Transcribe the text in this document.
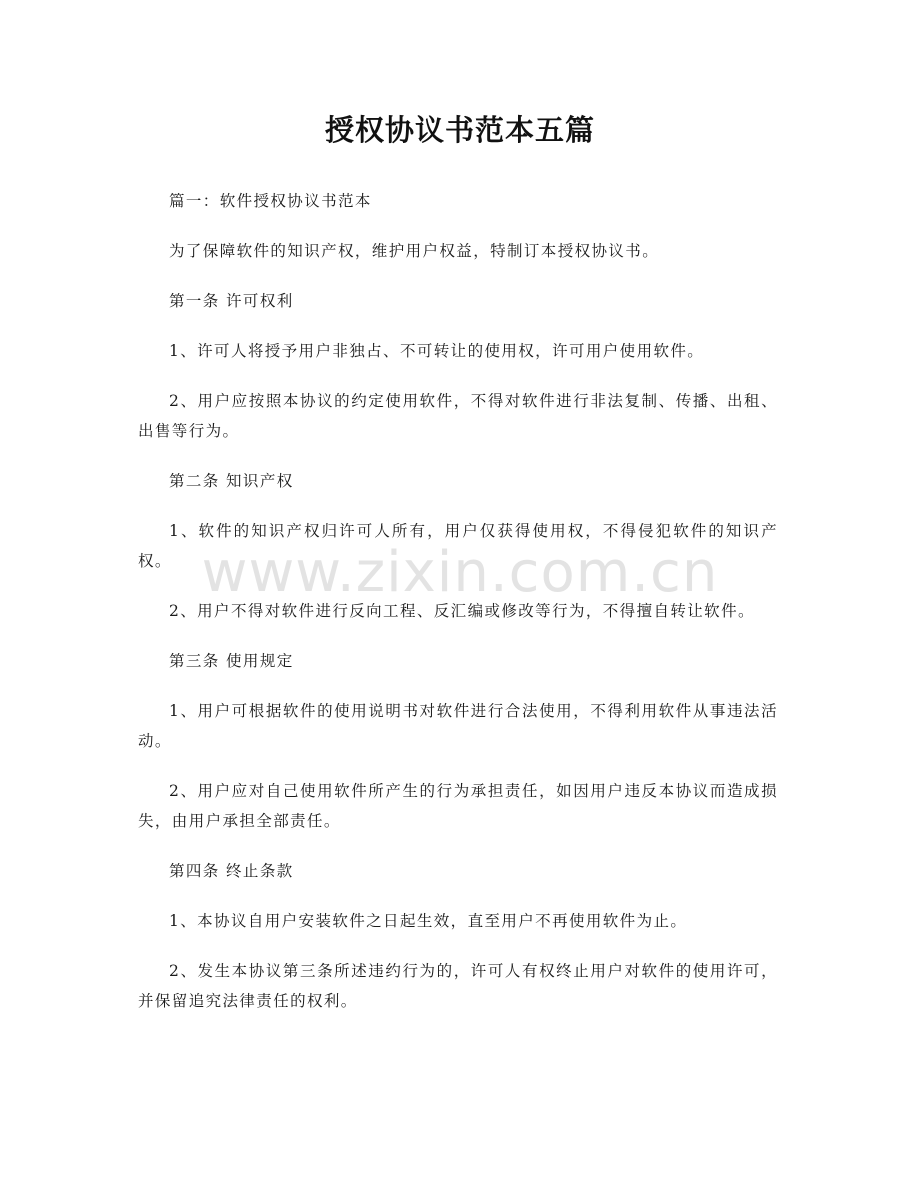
授权协议书范本五篇

篇一：软件授权协议书范本

为了保障软件的知识产权，维护用户权益，特制订本授权协议书。

第一条 许可权利

1、许可人将授予用户非独占、不可转让的使用权，许可用户使用软件。

2、用户应按照本协议的约定使用软件，不得对软件进行非法复制、传播、出租、出售等行为。

第二条 知识产权

1、软件的知识产权归许可人所有，用户仅获得使用权，不得侵犯软件的知识产权。

2、用户不得对软件进行反向工程、反汇编或修改等行为，不得擅自转让软件。

第三条 使用规定

1、用户可根据软件的使用说明书对软件进行合法使用，不得利用软件从事违法活动。

2、用户应对自己使用软件所产生的行为承担责任，如因用户违反本协议而造成损失，由用户承担全部责任。

第四条 终止条款

1、本协议自用户安装软件之日起生效，直至用户不再使用软件为止。

2、发生本协议第三条所述违约行为的，许可人有权终止用户对软件的使用许可，并保留追究法律责任的权利。

www.zixin.com.cn
